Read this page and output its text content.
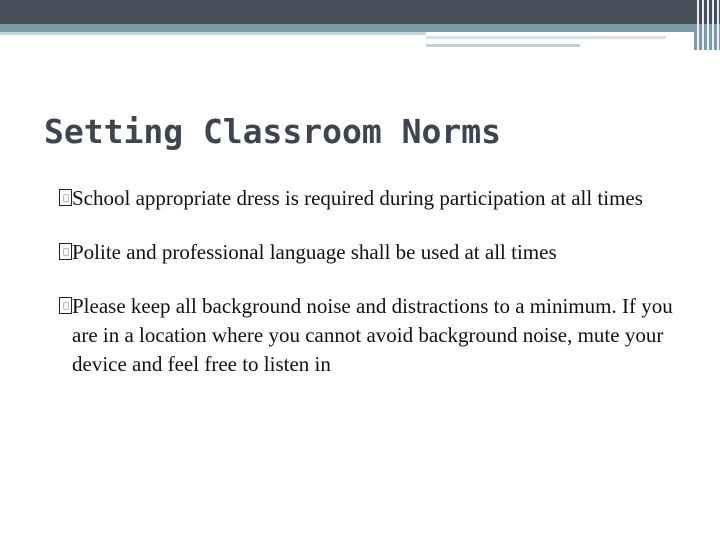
Setting Classroom Norms
School appropriate dress is required during participation at all times
Polite and professional language shall be used at all times
Please keep all background noise and distractions to a minimum. If you are in a location where you cannot avoid background noise, mute your device and feel free to listen in
